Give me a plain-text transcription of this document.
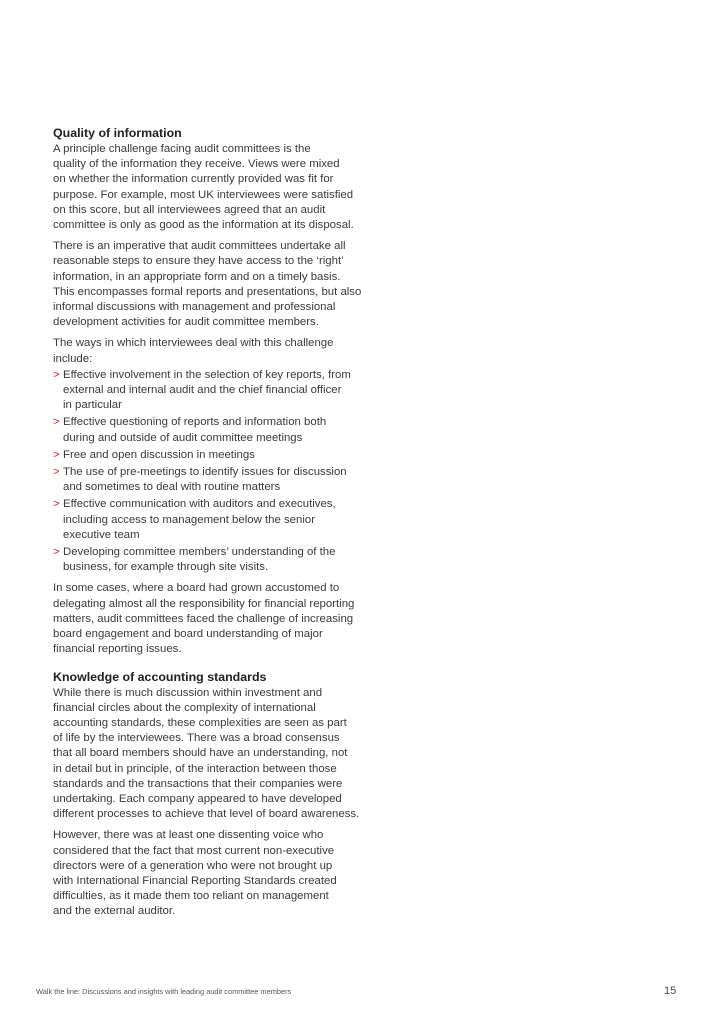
Quality of information

A principle challenge facing audit committees is the
quality of the information they receive. Views were mixed
on whether the information currently provided was fit for
purpose. For example, most UK interviewees were satisfied
on this score, but all interviewees agreed that an audit
committee is only as good as the information at its disposal.

There is an imperative that audit committees undertake all
reasonable steps to ensure they have access to the ‘right’
information, in an appropriate form and on a timely basis.
This encompasses formal reports and presentations, but also
informal discussions with management and professional
development activities for audit committee members.

The ways in which interviewees deal with this challenge include:

> Effective involvement in the selection of key reports, from
external and internal audit and the chief financial officer
in particular
> Effective questioning of reports and information both
during and outside of audit committee meetings
> Free and open discussion in meetings
> The use of pre-meetings to identify issues for discussion
and sometimes to deal with routine matters
> Effective communication with auditors and executives,
including access to management below the senior
executive team
> Developing committee members’ understanding of the
business, for example through site visits.

In some cases, where a board had grown accustomed to
delegating almost all the responsibility for financial reporting
matters, audit committees faced the challenge of increasing
board engagement and board understanding of major
financial reporting issues.

Knowledge of accounting standards

While there is much discussion within investment and
financial circles about the complexity of international
accounting standards, these complexities are seen as part
of life by the interviewees. There was a broad consensus
that all board members should have an understanding, not
in detail but in principle, of the interaction between those
standards and the transactions that their companies were
undertaking. Each company appeared to have developed
different processes to achieve that level of board awareness.

However, there was at least one dissenting voice who
considered that the fact that most current non-executive
directors were of a generation who were not brought up
with International Financial Reporting Standards created
difficulties, as it made them too reliant on management
and the external auditor.

Walk the line: Discussions and insights with leading audit committee members	15
